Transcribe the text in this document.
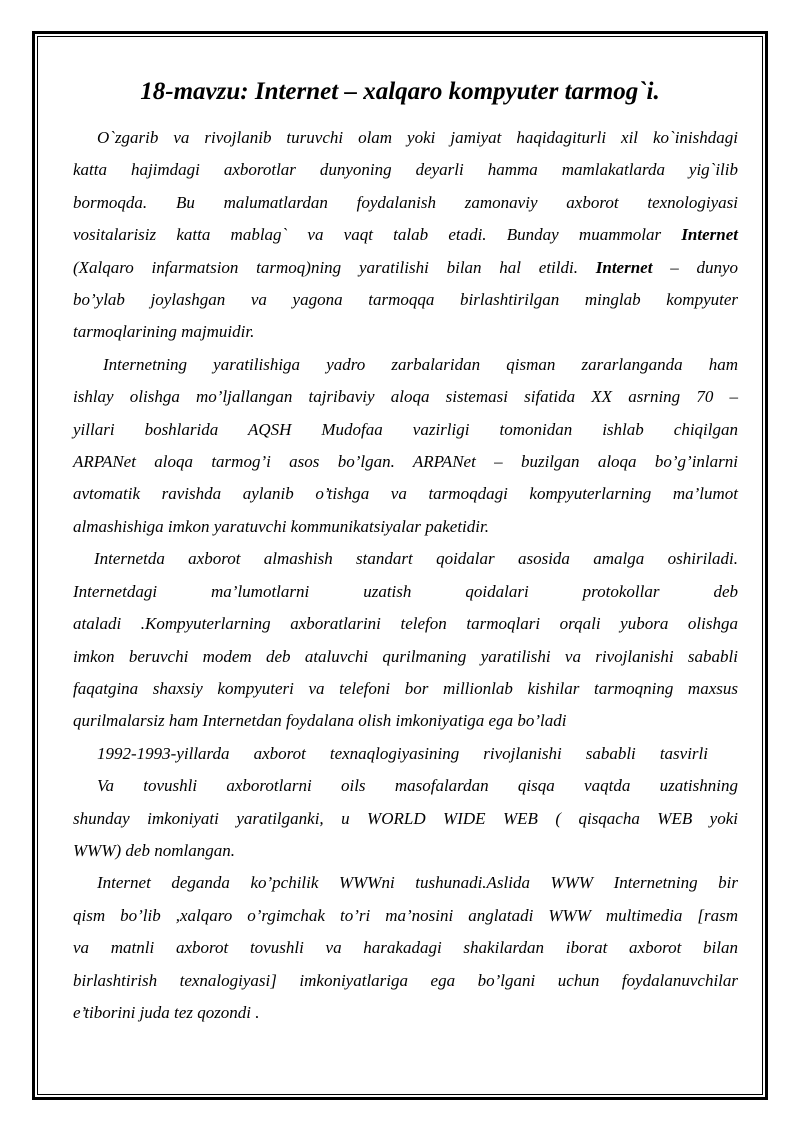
18-mavzu: Internet – xalqaro kompyuter tarmog`i.
O`zgarib va rivojlanib turuvchi olam yoki jamiyat haqidagiturli xil ko`inishdagi
katta hajimdagi axborotlar dunyoning deyarli hamma mamlakatlarda yig`ilib
bormoqda. Bu malumatlardan foydalanish zamonaviy axborot texnologiyasi
vositalarisiz katta mablag` va vaqt talab etadi. Bunday muammolar Internet
(Xalqaro infarmatsion tarmoq)ning yaratilishi bilan hal etildi. Internet – dunyo
bo’ylab joylashgan va yagona tarmoqqa birlashtirilgan minglab kompyuter
tarmoqlarining majmuidir.
Internetning yaratilishiga yadro zarbalaridan qisman zararlanganda ham
ishlay olishga mo’ljallangan tajribaviy aloqa sistemasi sifatida XX asrning 70 –
yillari boshlarida AQSH Mudofaa vazirligi tomonidan ishlab chiqilgan
ARPANet aloqa tarmog’i asos bo’lgan. ARPANet – buzilgan aloqa bo’g’inlarni
avtomatik ravishda aylanib o’tishga va tarmoqdagi kompyuterlarning ma’lumot
almashishiga imkon yaratuvchi kommunikatsiyalar paketidir.
Internetda axborot almashish standart qoidalar asosida amalga oshiriladi.
Internetdagi ma’lumotlarni uzatish qoidalari protokollar deb
ataladi .Kompyuterlarning axboratlarini telefon tarmoqlari orqali yubora olishga
imkon beruvchi modem deb ataluvchi qurilmaning yaratilishi va rivojlanishi sababli
faqatgina shaxsiy kompyuteri va telefoni bor millionlab kishilar tarmoqning maxsus
qurilmalarsiz ham Internetdan foydalana olish imkoniyatiga ega bo’ladi
1992-1993-yillarda axborot texnaqlogiyasining rivojlanishi sababli tasvirli
Va tovushli axborotlarni oils masofalardan qisqa vaqtda uzatishning
shunday imkoniyati yaratilganki, u WORLD WIDE WEB ( qisqacha WEB yoki
WWW) deb nomlangan.
Internet deganda ko’pchilik WWWni tushunadi.Aslida WWW Internetning bir
qism bo’lib ,xalqaro o’rgimchak to’ri ma’nosini anglatadi WWW multimedia [rasm
va matnli axborot tovushli va harakadagi shakilardan iborat axborot bilan
birlashtirish texnalogiyasi] imkoniyatlariga ega bo’lgani uchun foydalanuvchilar
e’tiborini juda tez qozondi .
